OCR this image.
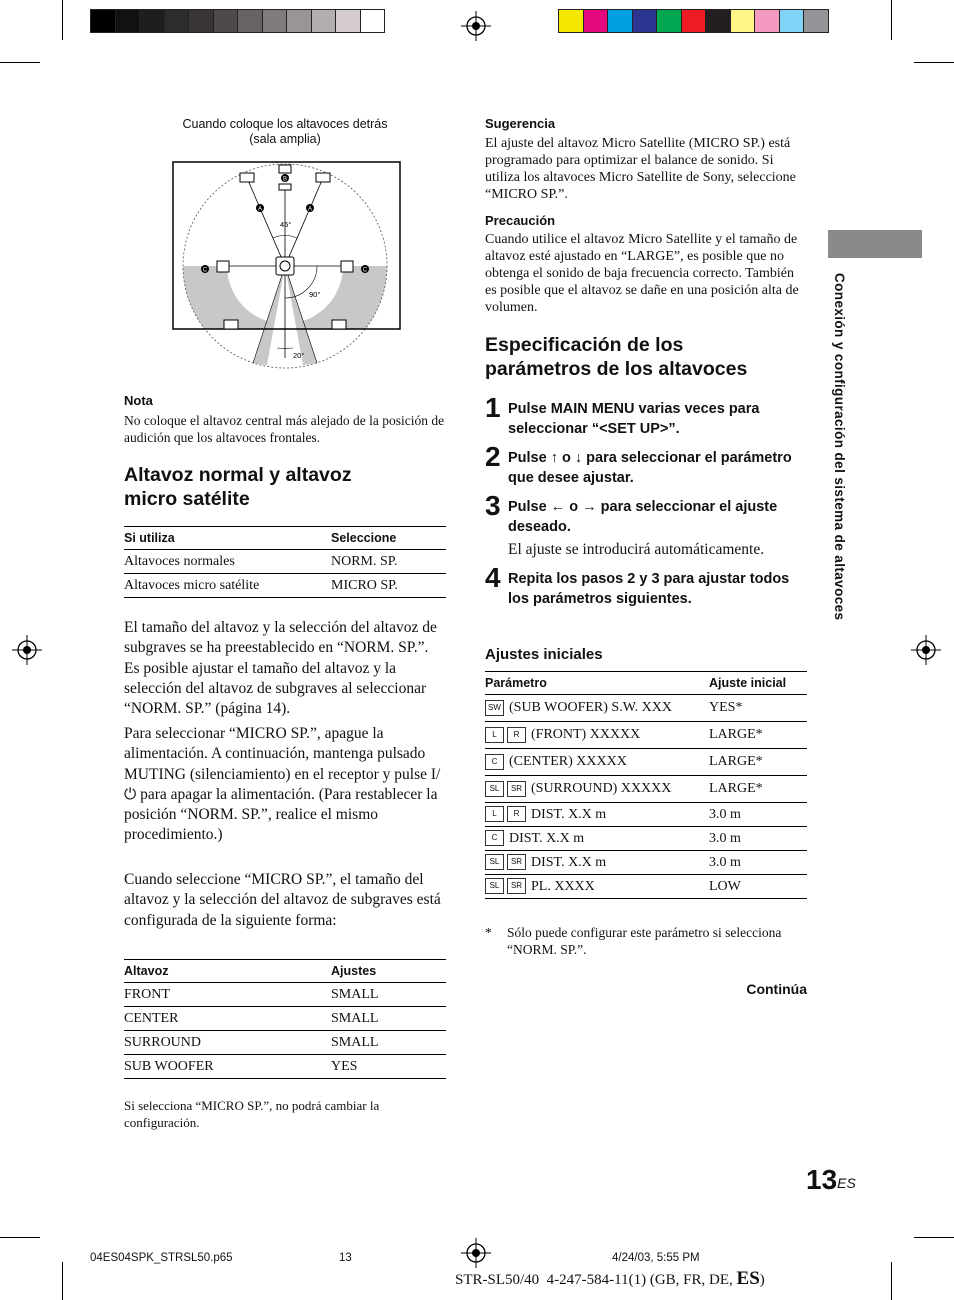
Cuando coloque los altavoces detrás
(sala amplia)
A	A
B
C	C
45°
90°
20°
Nota
No coloque el altavoz central más alejado de la posición de audición que los altavoces frontales.
Altavoz normal y altavoz
micro satélite
Si utiliza	Seleccione
Altavoces normales	NORM. SP.
Altavoces micro satélite	MICRO SP.
El tamaño del altavoz y la selección del altavoz de subgraves se ha preestablecido en “NORM. SP.”. Es posible ajustar el tamaño del altavoz y la selección del altavoz de subgraves al seleccionar “NORM. SP.” (página 14).
Para seleccionar “MICRO SP.”, apague la alimentación. A continuación, mantenga pulsado MUTING (silenciamiento) en el receptor y pulse I/⏻ para apagar la alimentación. (Para restablecer la posición “NORM. SP.”, realice el mismo procedimiento.)
Cuando seleccione “MICRO SP.”, el tamaño del altavoz y la selección del altavoz de subgraves está configurada de la siguiente forma:
Altavoz	Ajustes
FRONT	SMALL
CENTER	SMALL
SURROUND	SMALL
SUB WOOFER	YES
Si selecciona “MICRO SP.”, no podrá cambiar la configuración.
Sugerencia
El ajuste del altavoz Micro Satellite (MICRO SP.) está programado para optimizar el balance de sonido. Si utiliza los altavoces Micro Satellite de Sony, seleccione “MICRO SP.”.
Precaución
Cuando utilice el altavoz Micro Satellite y el tamaño de altavoz esté ajustado en “LARGE”, es posible que no obtenga el sonido de baja frecuencia correcto. También es posible que el altavoz se dañe en una posición alta de volumen.
Especificación de los
parámetros de los altavoces
1 Pulse MAIN MENU varias veces para seleccionar “<SET UP>”.
2 Pulse ↑ o ↓ para seleccionar el parámetro que desee ajustar.
3 Pulse ← o → para seleccionar el ajuste deseado.
El ajuste se introducirá automáticamente.
4 Repita los pasos 2 y 3 para ajustar todos los parámetros siguientes.
Ajustes iniciales
Parámetro	Ajuste inicial
SW (SUB WOOFER) S.W. XXX	YES*
L R (FRONT) XXXXX	LARGE*
C (CENTER) XXXXX	LARGE*
SL SR (SURROUND) XXXXX	LARGE*
L R DIST. X.X m	3.0 m
C DIST. X.X m	3.0 m
SL SR DIST. X.X m	3.0 m
SL SR PL. XXXX	LOW
* Sólo puede configurar este parámetro si selecciona “NORM. SP.”.
Continúa
Conexión y configuración del sistema de altavoces
$13^{ES}$
04ES04SPK_STRSL50.p65	13	4/24/03, 5:55 PM
STR-SL50/40  4-247-584-11(1) (GB, FR, DE, ES)
